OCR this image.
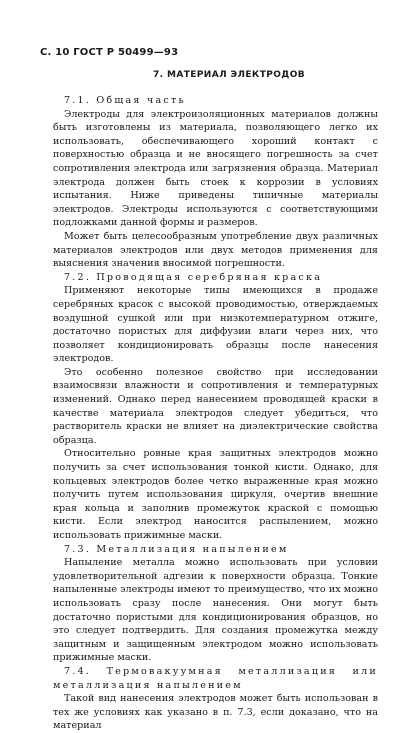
С. 10 ГОСТ Р 50499—93
7. МАТЕРИАЛ ЭЛЕКТРОДОВ
7.1. Общая часть

Электроды для электроизоляционных материалов должны быть изготовлены из материала, позволяющего легко их использовать, обеспечивающего хороший контакт с поверхностью образца и не вносящего погрешность за счет сопротивления электрода или загрязнения образца. Материал электрода должен быть стоек к коррозии в условиях испытания. Ниже приведены типичные материалы электродов. Электроды используются с соответствующими подложками данной формы и размеров.

Может быть целесообразным употребление двух различных материалов электродов или двух методов применения для выяснения значения вносимой погрешности.

7.2. Проводящая серебряная краска

Применяют некоторые типы имеющихся в продаже серебряных красок с высокой проводимостью, отверждаемых воздушной сушкой или при низкотемпературном отжиге, достаточно пористых для диффузии влаги через них, что позволяет кондиционировать образцы после нанесения электродов.

Это особенно полезное свойство при исследовании взаимосвязи влажности и сопротивления и температурных изменений. Однако перед нанесением проводящей краски в качестве материала электродов следует убедиться, что растворитель краски не влияет на диэлектрические свойства образца.

Относительно ровные края защитных электродов можно получить за счет использования тонкой кисти. Однако, для кольцевых электродов более четко выраженные края можно получить путем использования циркуля, очертив внешние края кольца и заполнив промежуток краской с помощью кисти. Если электрод наносится распылением, можно использовать прижимные маски.

7.3. Металлизация напылением

Напыление металла можно использовать при условии удовлетворительной адгезии к поверхности образца. Тонкие напыленные электроды имеют то преимущество, что их можно использовать сразу после нанесения. Они могут быть достаточно пористыми для кондиционирования образцов, но это следует подтвердить. Для создания промежутка между защитным и защищенным электродом можно использовать прижимные маски.

7.4. Термовакуумная металлизация или металлизация напылением

Такой вид нанесения электродов может быть использован в тех же условиях как указано в п. 7.3, если доказано, что на материал
